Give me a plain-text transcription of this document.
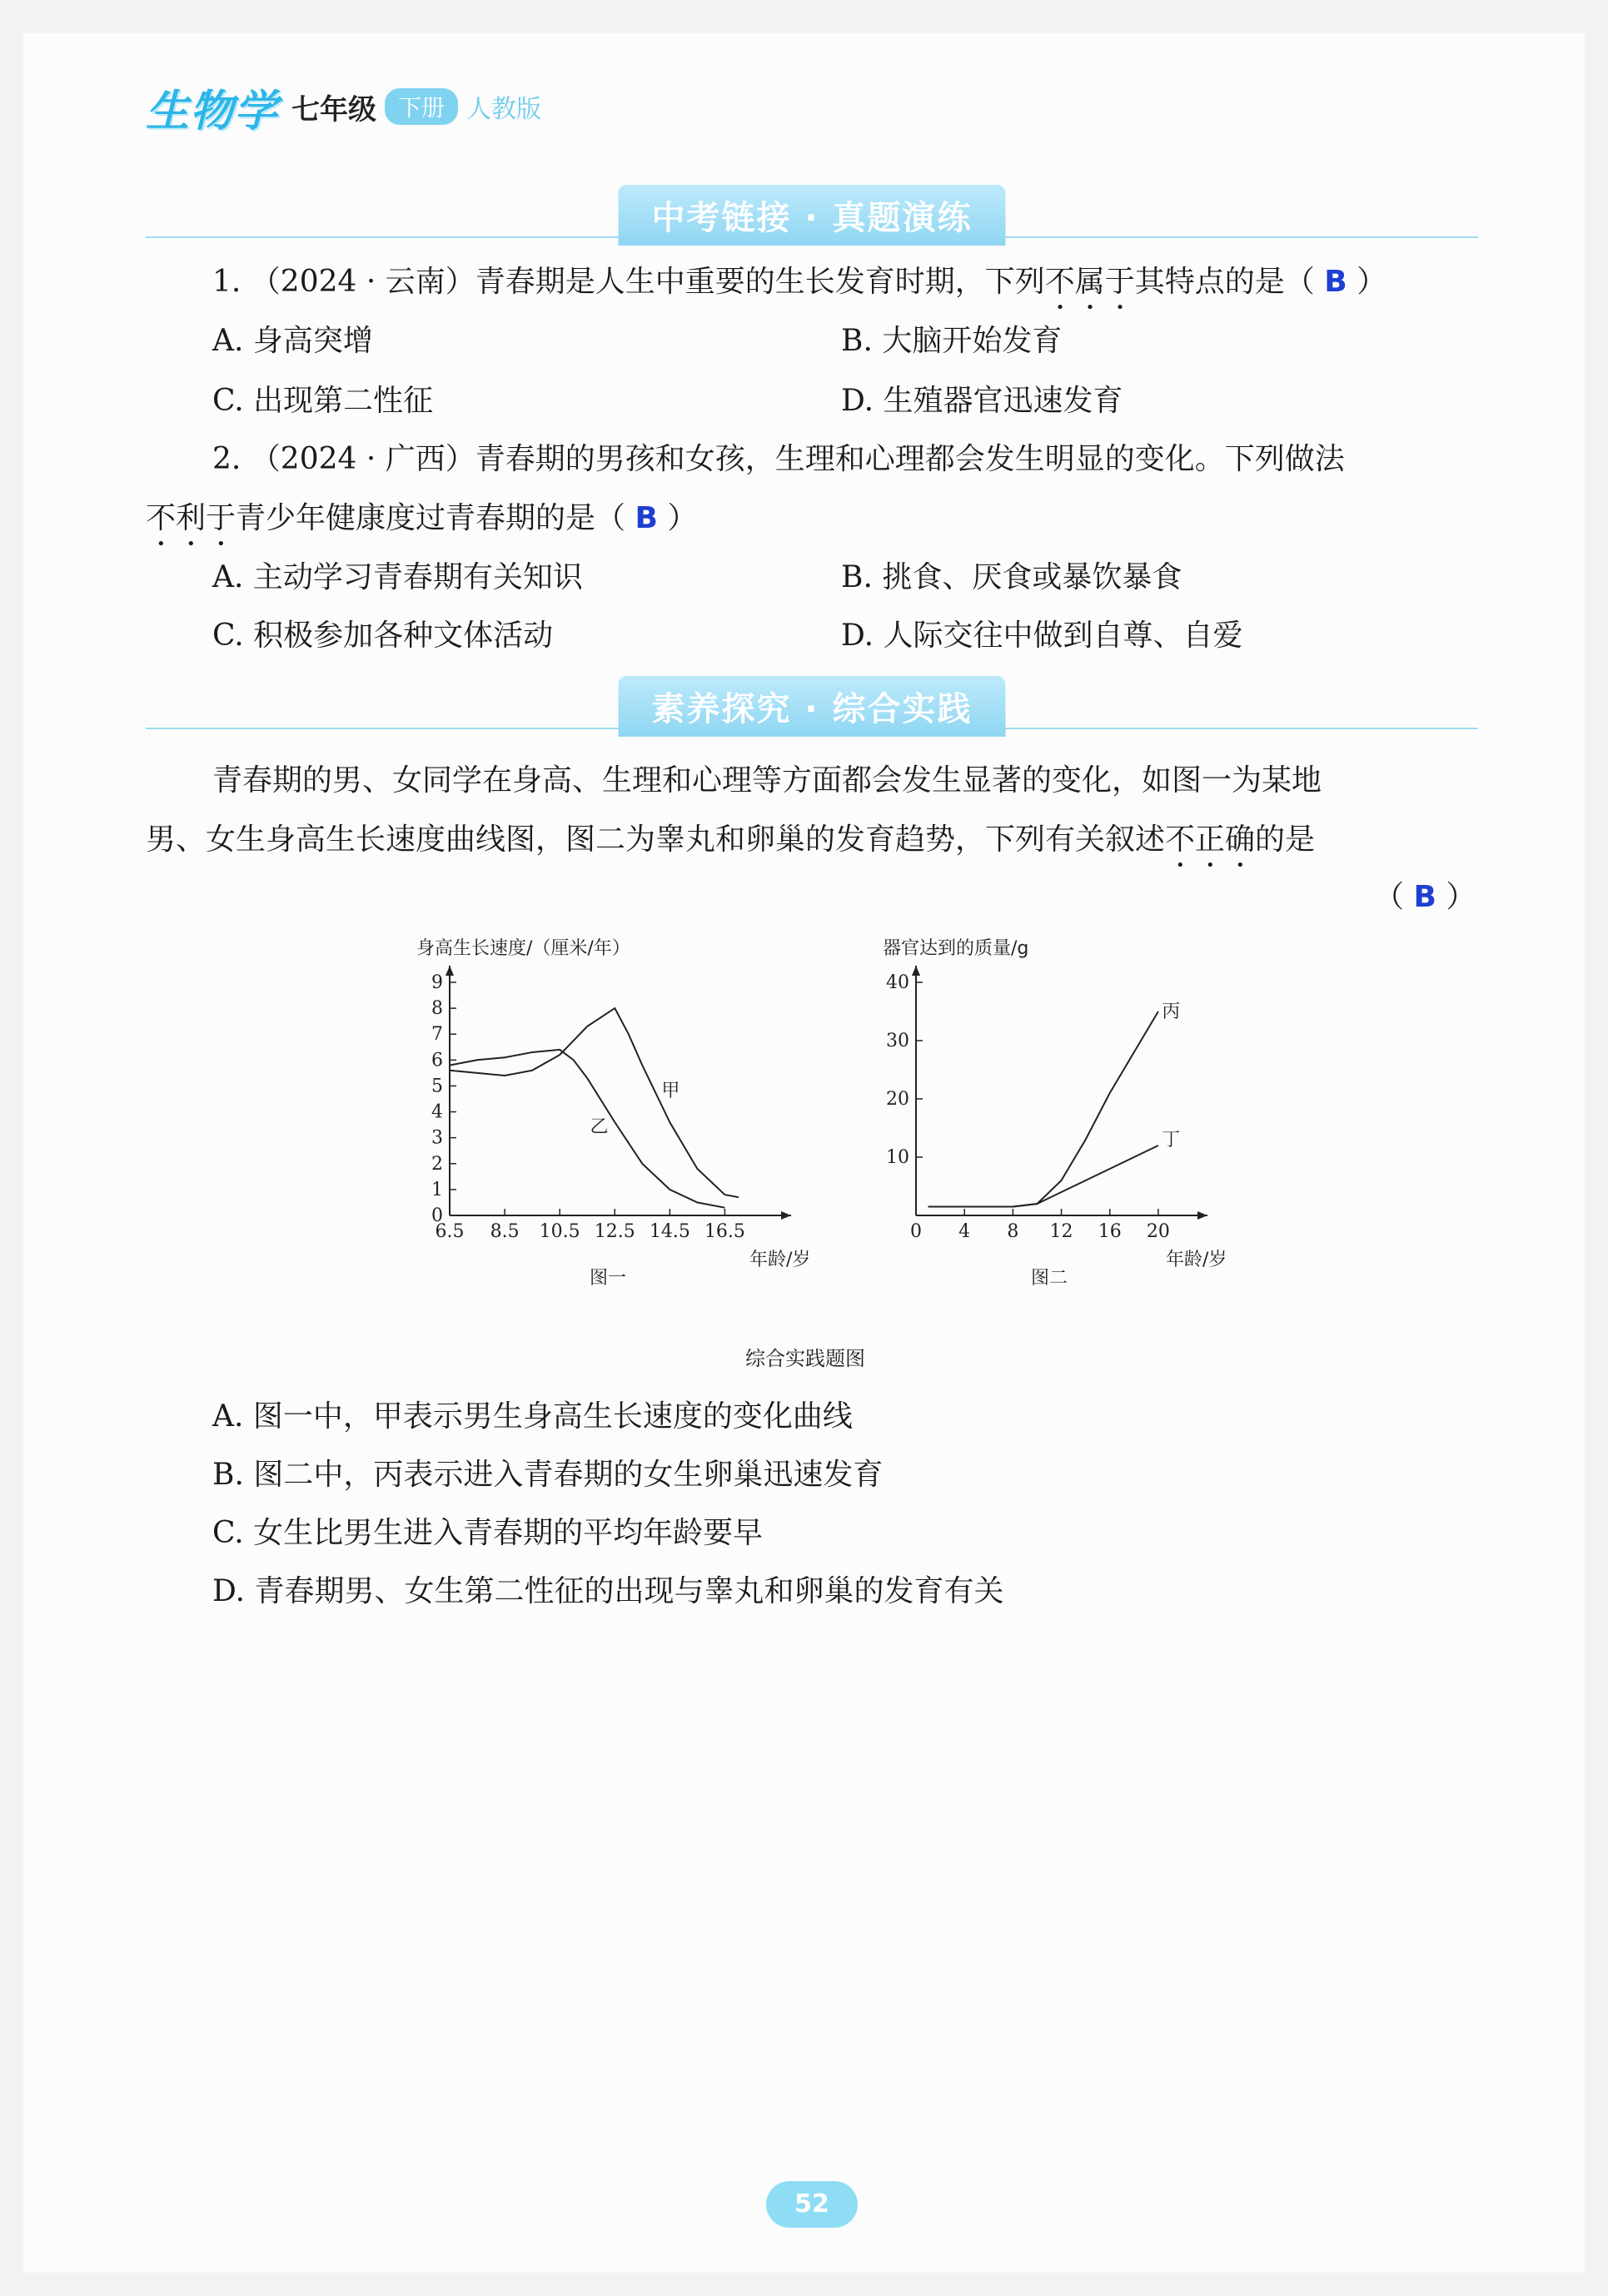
生物学 七年级 下册 人教版
中考链接 · 真题演练
1. （2024 · 云南）青春期是人生中重要的生长发育时期，下列不属于其特点的是（ B ）
A. 身高突增	B. 大脑开始发育
C. 出现第二性征	D. 生殖器官迅速发育
2. （2024 · 广西）青春期的男孩和女孩，生理和心理都会发生明显的变化。下列做法
不利于青少年健康度过青春期的是（ B ）
A. 主动学习青春期有关知识	B. 挑食、厌食或暴饮暴食
C. 积极参加各种文体活动	D. 人际交往中做到自尊、自爱
素养探究 · 综合实践
青春期的男、女同学在身高、生理和心理等方面都会发生显著的变化，如图一为某地
男、女生身高生长速度曲线图，图二为睾丸和卵巢的发育趋势，下列有关叙述不正确的是
（ B ）
身高生长速度/（厘米/年）
年龄/岁
6.5 8.5 10.5 12.5 14.5 16.5
0
1
2
3
4
5
6
7
8
9
甲
乙
图一
器官达到的质量/g
年龄/岁
0 4 8 12 16 20
10
20
30
40
丙
丁
图二
综合实践题图
A. 图一中，甲表示男生身高生长速度的变化曲线
B. 图二中，丙表示进入青春期的女生卵巢迅速发育
C. 女生比男生进入青春期的平均年龄要早
D. 青春期男、女生第二性征的出现与睾丸和卵巢的发育有关
52
